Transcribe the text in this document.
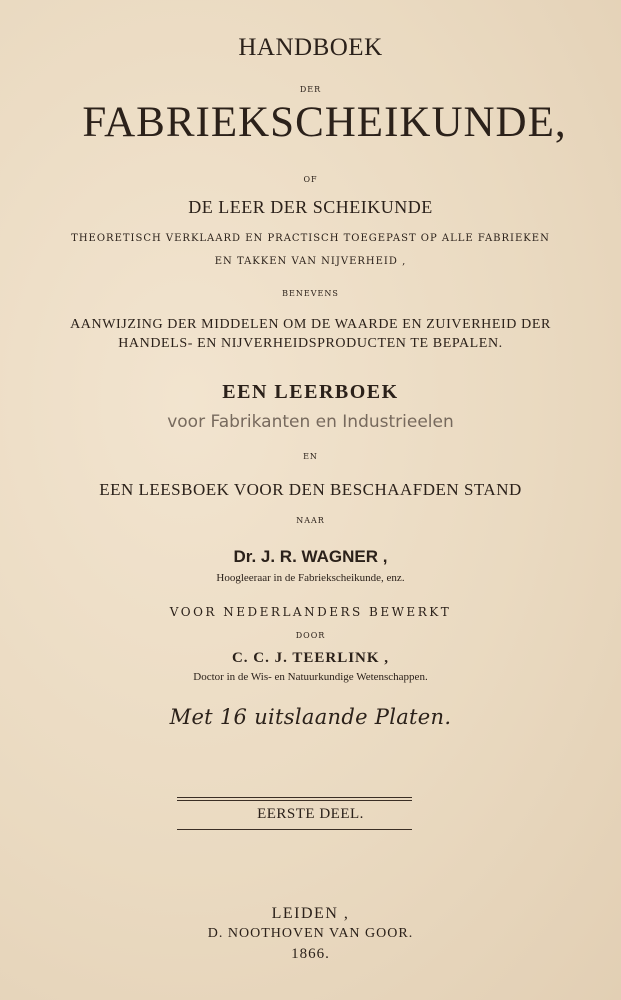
HANDBOEK
DER
FABRIEKSCHEIKUNDE,
OF
DE LEER DER SCHEIKUNDE
THEORETISCH VERKLAARD EN PRACTISCH TOEGEPAST OP ALLE FABRIEKEN
EN TAKKEN VAN NIJVERHEID ,
BENEVENS
AANWIJZING DER MIDDELEN OM DE WAARDE EN ZUIVERHEID DER
HANDELS- EN NIJVERHEIDSPRODUCTEN TE BEPALEN.
EEN LEERBOEK
voor Fabrikanten en Industrieelen
EN
EEN LEESBOEK VOOR DEN BESCHAAFDEN STAND
NAAR
Dr. J. R. WAGNER ,
Hoogleeraar in de Fabriekscheikunde, enz.
VOOR NEDERLANDERS BEWERKT
DOOR
C. C. J. TEERLINK ,
Doctor in de Wis- en Natuurkundige Wetenschappen.
Met 16 uitslaande Platen.
EERSTE DEEL.
LEIDEN ,
D. NOOTHOVEN VAN GOOR.
1866.
